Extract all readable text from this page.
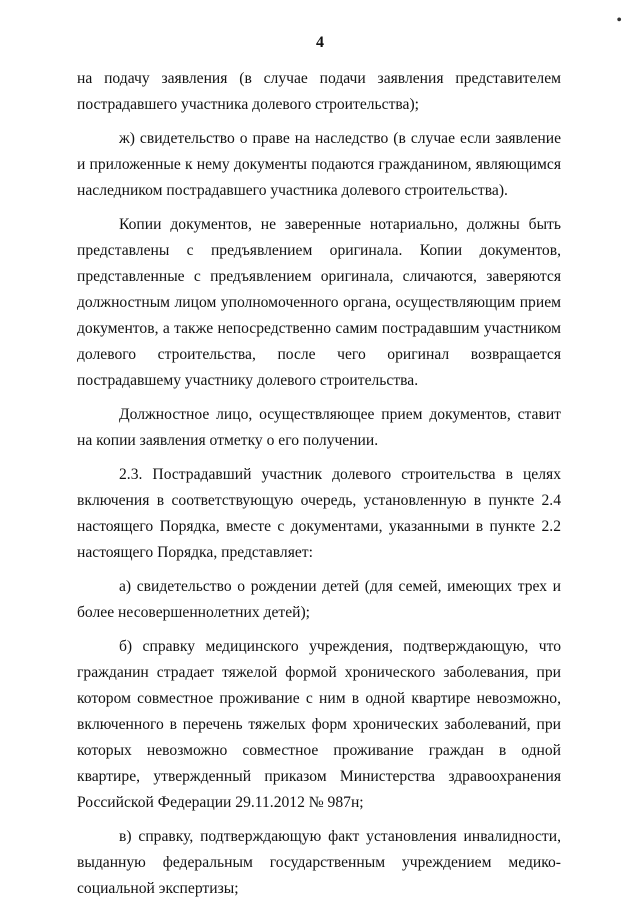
•
4

на подачу заявления (в случае подачи заявления представителем пострадавшего участника долевого строительства);

ж) свидетельство о праве на наследство (в случае если заявление и приложенные к нему документы подаются гражданином, являющимся наследником пострадавшего участника долевого строительства).

Копии документов, не заверенные нотариально, должны быть представлены с предъявлением оригинала. Копии документов, представленные с предъявлением оригинала, сличаются, заверяются должностным лицом уполномоченного органа, осуществляющим прием документов, а также непосредственно самим пострадавшим участником долевого строительства, после чего оригинал возвращается пострадавшему участнику долевого строительства.

Должностное лицо, осуществляющее прием документов, ставит на копии заявления отметку о его получении.

2.3. Пострадавший участник долевого строительства в целях включения в соответствующую очередь, установленную в пункте 2.4 настоящего Порядка, вместе с документами, указанными в пункте 2.2 настоящего Порядка, представляет:

а) свидетельство о рождении детей (для семей, имеющих трех и более несовершеннолетних детей);

б) справку медицинского учреждения, подтверждающую, что гражданин страдает тяжелой формой хронического заболевания, при котором совместное проживание с ним в одной квартире невозможно, включенного в перечень тяжелых форм хронических заболеваний, при которых невозможно совместное проживание граждан в одной квартире, утвержденный приказом Министерства здравоохранения Российской Федерации 29.11.2012 № 987н;

в) справку, подтверждающую факт установления инвалидности, выданную федеральным государственным учреждением медико-социальной экспертизы;
